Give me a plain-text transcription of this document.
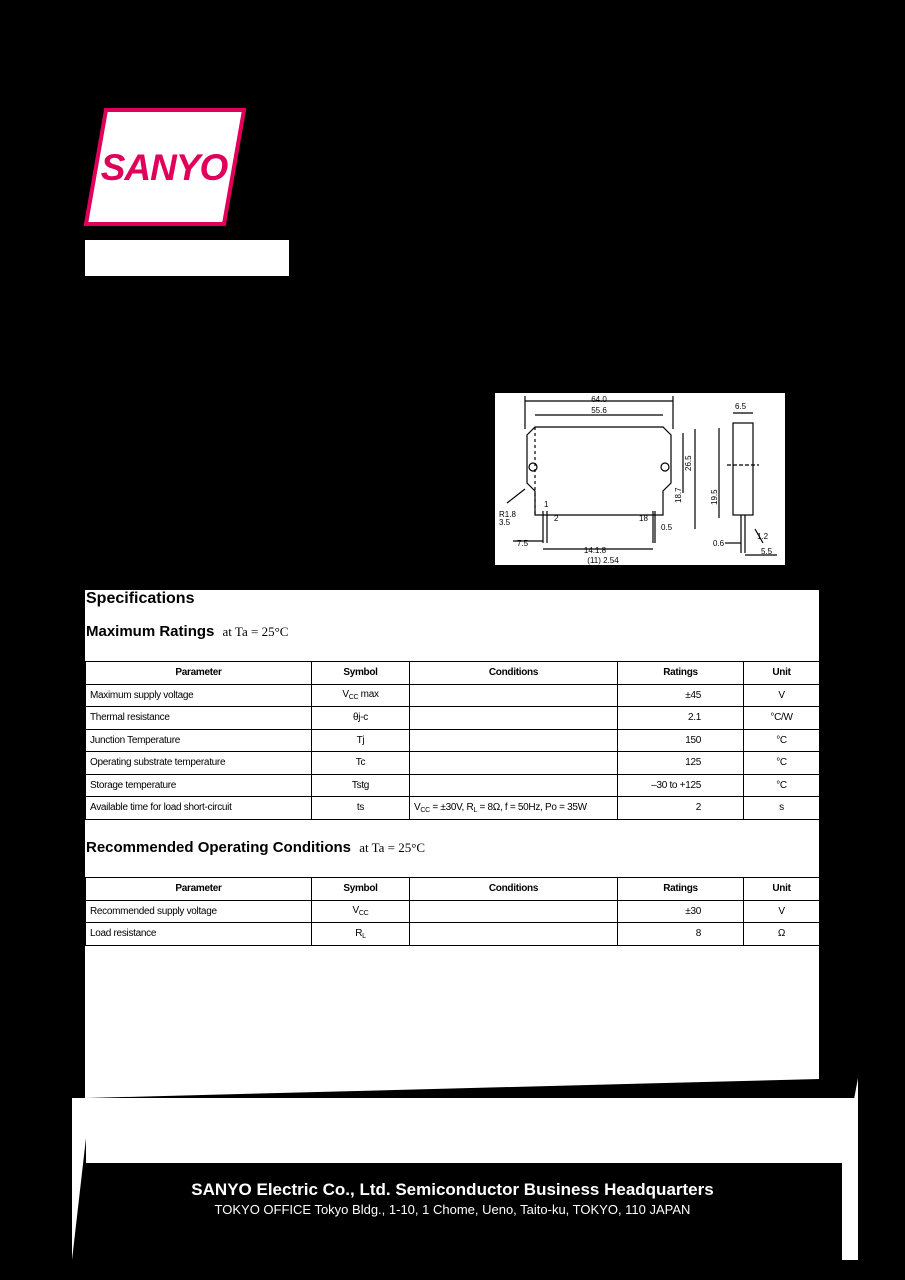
SANYO
64.0
55.6
26.5
18.7	19.5
6.5
7.5
1.2
14.1.8
(11) 2.54
0.5
0.6
5.5
2	18
1
3.5
R1.8
Specifications
Maximum Ratings at Ta = 25°C
Parameter	Symbol	Conditions	Ratings	Unit
Maximum supply voltage	$V_{CC}$ max		±45	V
Thermal resistance	θj-c		2.1	°C/W
Junction Temperature	Tj		150	°C
Operating substrate temperature	Tc		125	°C
Storage temperature	Tstg		–30 to +125	°C
Available time for load short-circuit	ts	$V_{CC} = \pm 30V$, $R_L = 8\Omega$, f = 50Hz, Po = 35W	2	s
Recommended Operating Conditions at Ta = 25°C
Parameter	Symbol	Conditions	Ratings	Unit
Recommended supply voltage	$V_{CC}$		±30	V
Load resistance	$R_L$		8	Ω
SANYO Electric Co., Ltd. Semiconductor Business Headquarters
TOKYO OFFICE Tokyo Bldg., 1-10, 1 Chome, Ueno, Taito-ku, TOKYO, 110 JAPAN
